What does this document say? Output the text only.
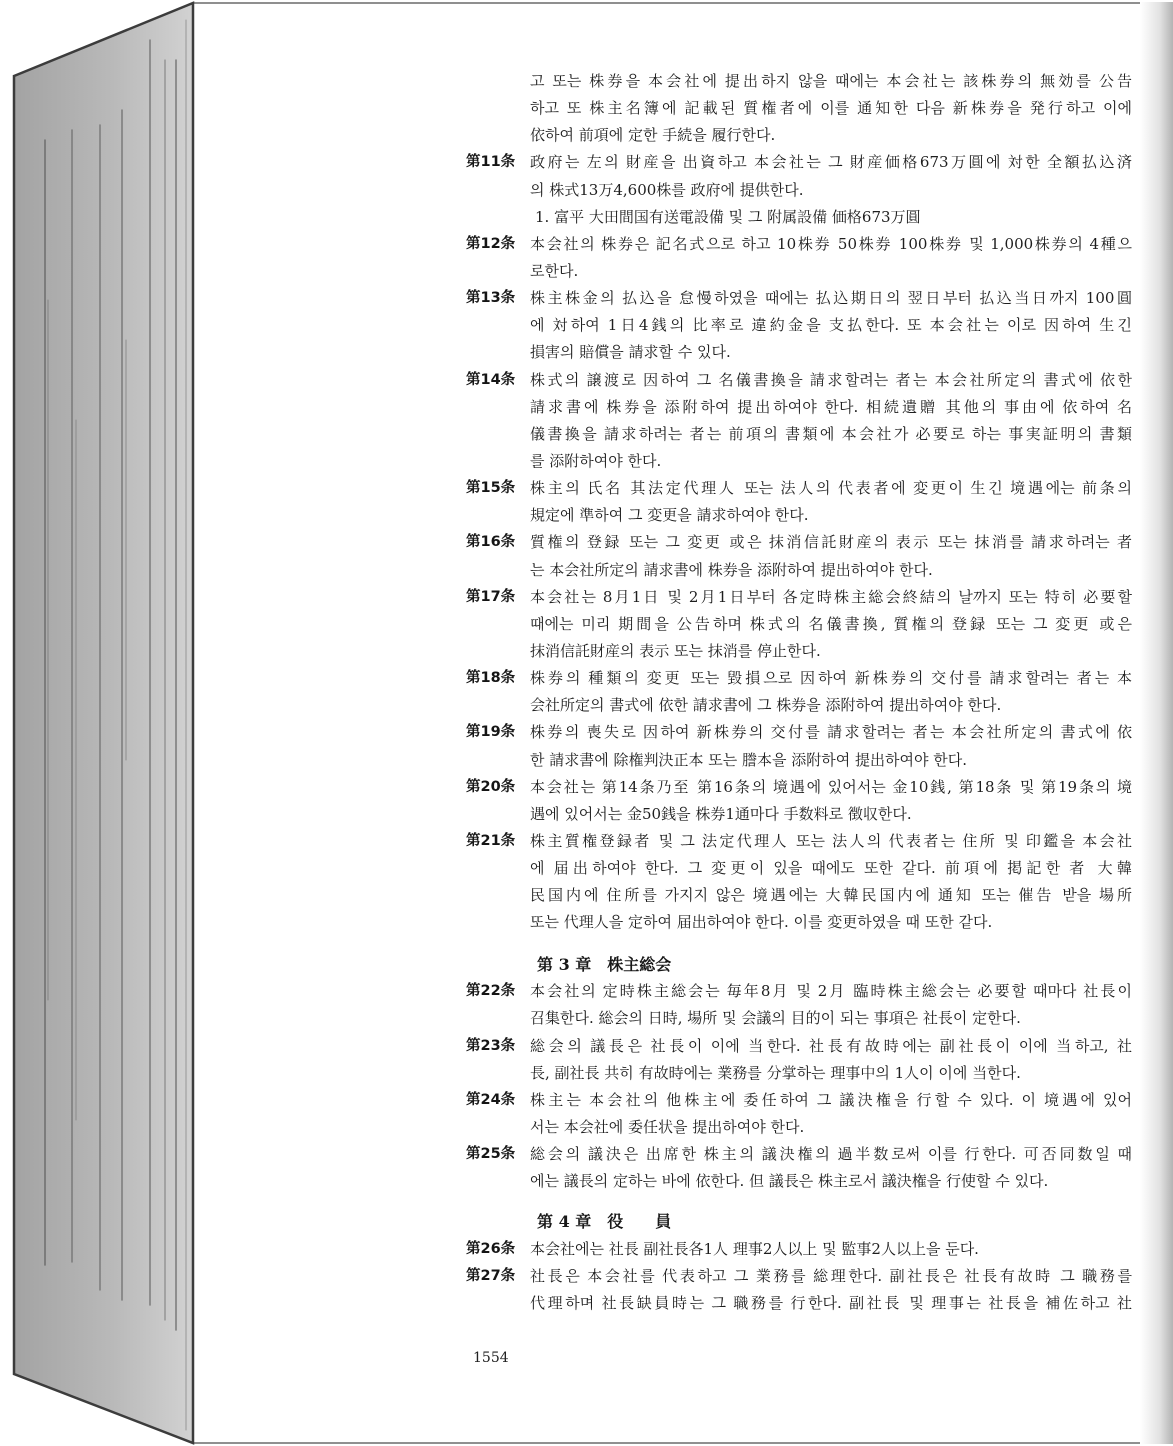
고 또는 株券을 本会社에 提出하지 않을 때에는 本会社는 該株券의 無効를 公告
하고 또 株主名簿에 記載된 質権者에 이를 通知한 다음 新株券을 発行하고 이에
依하여 前項에 定한 手続을 履行한다.
第11条 政府는 左의 財産을 出資하고 本会社는 그 財産価格673万圓에 対한 全額払込済
의 株式13万4,600株를 政府에 提供한다.
1. 富平 大田間国有送電設備 및 그 附属設備 価格673万圓
第12条 本会社의 株券은 記名式으로 하고 10株券 50株券 100株券 및 1,000株券의 4種으
로한다.
第13条 株主株金의 払込을 怠慢하였을 때에는 払込期日의 翌日부터 払込当日까지 100圓
에 対하여 1日4銭의 比率로 違約金을 支払한다. 또 本会社는 이로 因하여 生긴
損害의 賠償을 請求할 수 있다.
第14条 株式의 譲渡로 因하여 그 名儀書換을 請求할려는 者는 本会社所定의 書式에 依한
請求書에 株券을 添附하여 提出하여야 한다. 相続遺贈 其他의 事由에 依하여 名
儀書換을 請求하려는 者는 前項의 書類에 本会社가 必要로 하는 事実証明의 書類
를 添附하여야 한다.
第15条 株主의 氏名 其法定代理人 또는 法人의 代表者에 変更이 生긴 境遇에는 前条의
規定에 準하여 그 変更을 請求하여야 한다.
第16条 質権의 登録 또는 그 変更 或은 抹消信託財産의 表示 또는 抹消를 請求하려는 者
는 本会社所定의 請求書에 株券을 添附하여 提出하여야 한다.
第17条 本会社는 8月1日 및 2月1日부터 各定時株主総会終結의 날까지 또는 特히 必要할
때에는 미리 期間을 公告하며 株式의 名儀書換, 質権의 登録 또는 그 変更 或은
抹消信託財産의 表示 또는 抹消를 停止한다.
第18条 株券의 種類의 変更 또는 毀損으로 因하여 新株券의 交付를 請求할려는 者는 本
会社所定의 書式에 依한 請求書에 그 株券을 添附하여 提出하여야 한다.
第19条 株券의 喪失로 因하여 新株券의 交付를 請求할려는 者는 本会社所定의 書式에 依
한 請求書에 除権判決正本 또는 謄本을 添附하여 提出하여야 한다.
第20条 本会社는 第14条乃至 第16条의 境遇에 있어서는 金10銭, 第18条 및 第19条의 境
遇에 있어서는 金50銭을 株券1通마다 手数料로 徴収한다.
第21条 株主質権登録者 및 그 法定代理人 또는 法人의 代表者는 住所 및 印鑑을 本会社
에 届出하여야 한다. 그 変更이 있을 때에도 또한 같다. 前項에 掲記한 者 大韓
民国内에 住所를 가지지 않은 境遇에는 大韓民国内에 通知 또는 催告 받을 場所
또는 代理人을 定하여 届出하여야 한다. 이를 変更하였을 때 또한 같다.
第 3 章　株主総会
第22条 本会社의 定時株主総会는 毎年8月 및 2月 臨時株主総会는 必要할 때마다 社長이
召集한다. 総会의 日時, 場所 및 会議의 目的이 되는 事項은 社長이 定한다.
第23条 総会의 議長은 社長이 이에 当한다. 社長有故時에는 副社長이 이에 当하고, 社
長, 副社長 共히 有故時에는 業務를 分掌하는 理事中의 1人이 이에 当한다.
第24条 株主는 本会社의 他株主에 委任하여 그 議決権을 行할 수 있다. 이 境遇에 있어
서는 本会社에 委任状을 提出하여야 한다.
第25条 総会의 議決은 出席한 株主의 議決権의 過半数로써 이를 行한다. 可否同数일 때
에는 議長의 定하는 바에 依한다. 但 議長은 株主로서 議決権을 行使할 수 있다.
第 4 章　役　　員
第26条 本会社에는 社長 副社長各1人 理事2人以上 및 監事2人以上을 둔다.
第27条 社長은 本会社를 代表하고 그 業務를 総理한다. 副社長은 社長有故時 그 職務를
代理하며 社長缺員時는 그 職務를 行한다. 副社長 및 理事는 社長을 補佐하고 社
1554
